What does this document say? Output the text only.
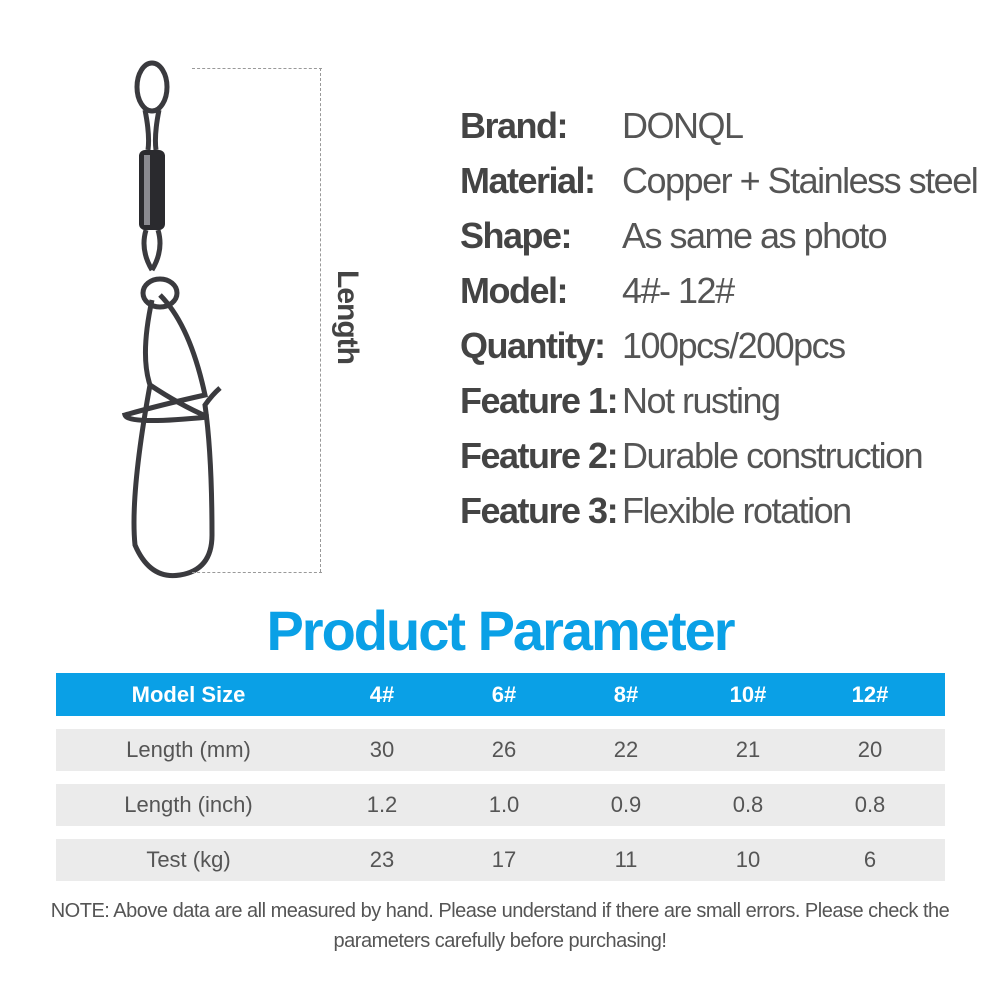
Length
Brand:	DONQL
Material: Copper + Stainless steel
Shape:	As same as photo
Model:	4#- 12#
Quantity: 100pcs/200pcs
Feature 1: Not rusting
Feature 2: Durable construction
Feature 3: Flexible rotation
Product Parameter
Model Size	4#	6#	8#	10#	12#
Length (mm)	30	26	22	21	20
Length (inch)	1.2	1.0	0.9	0.8	0.8
Test (kg)	23	17	11	10	6
NOTE: Above data are all measured by hand. Please understand if there are small errors. Please check the parameters carefully before purchasing!
